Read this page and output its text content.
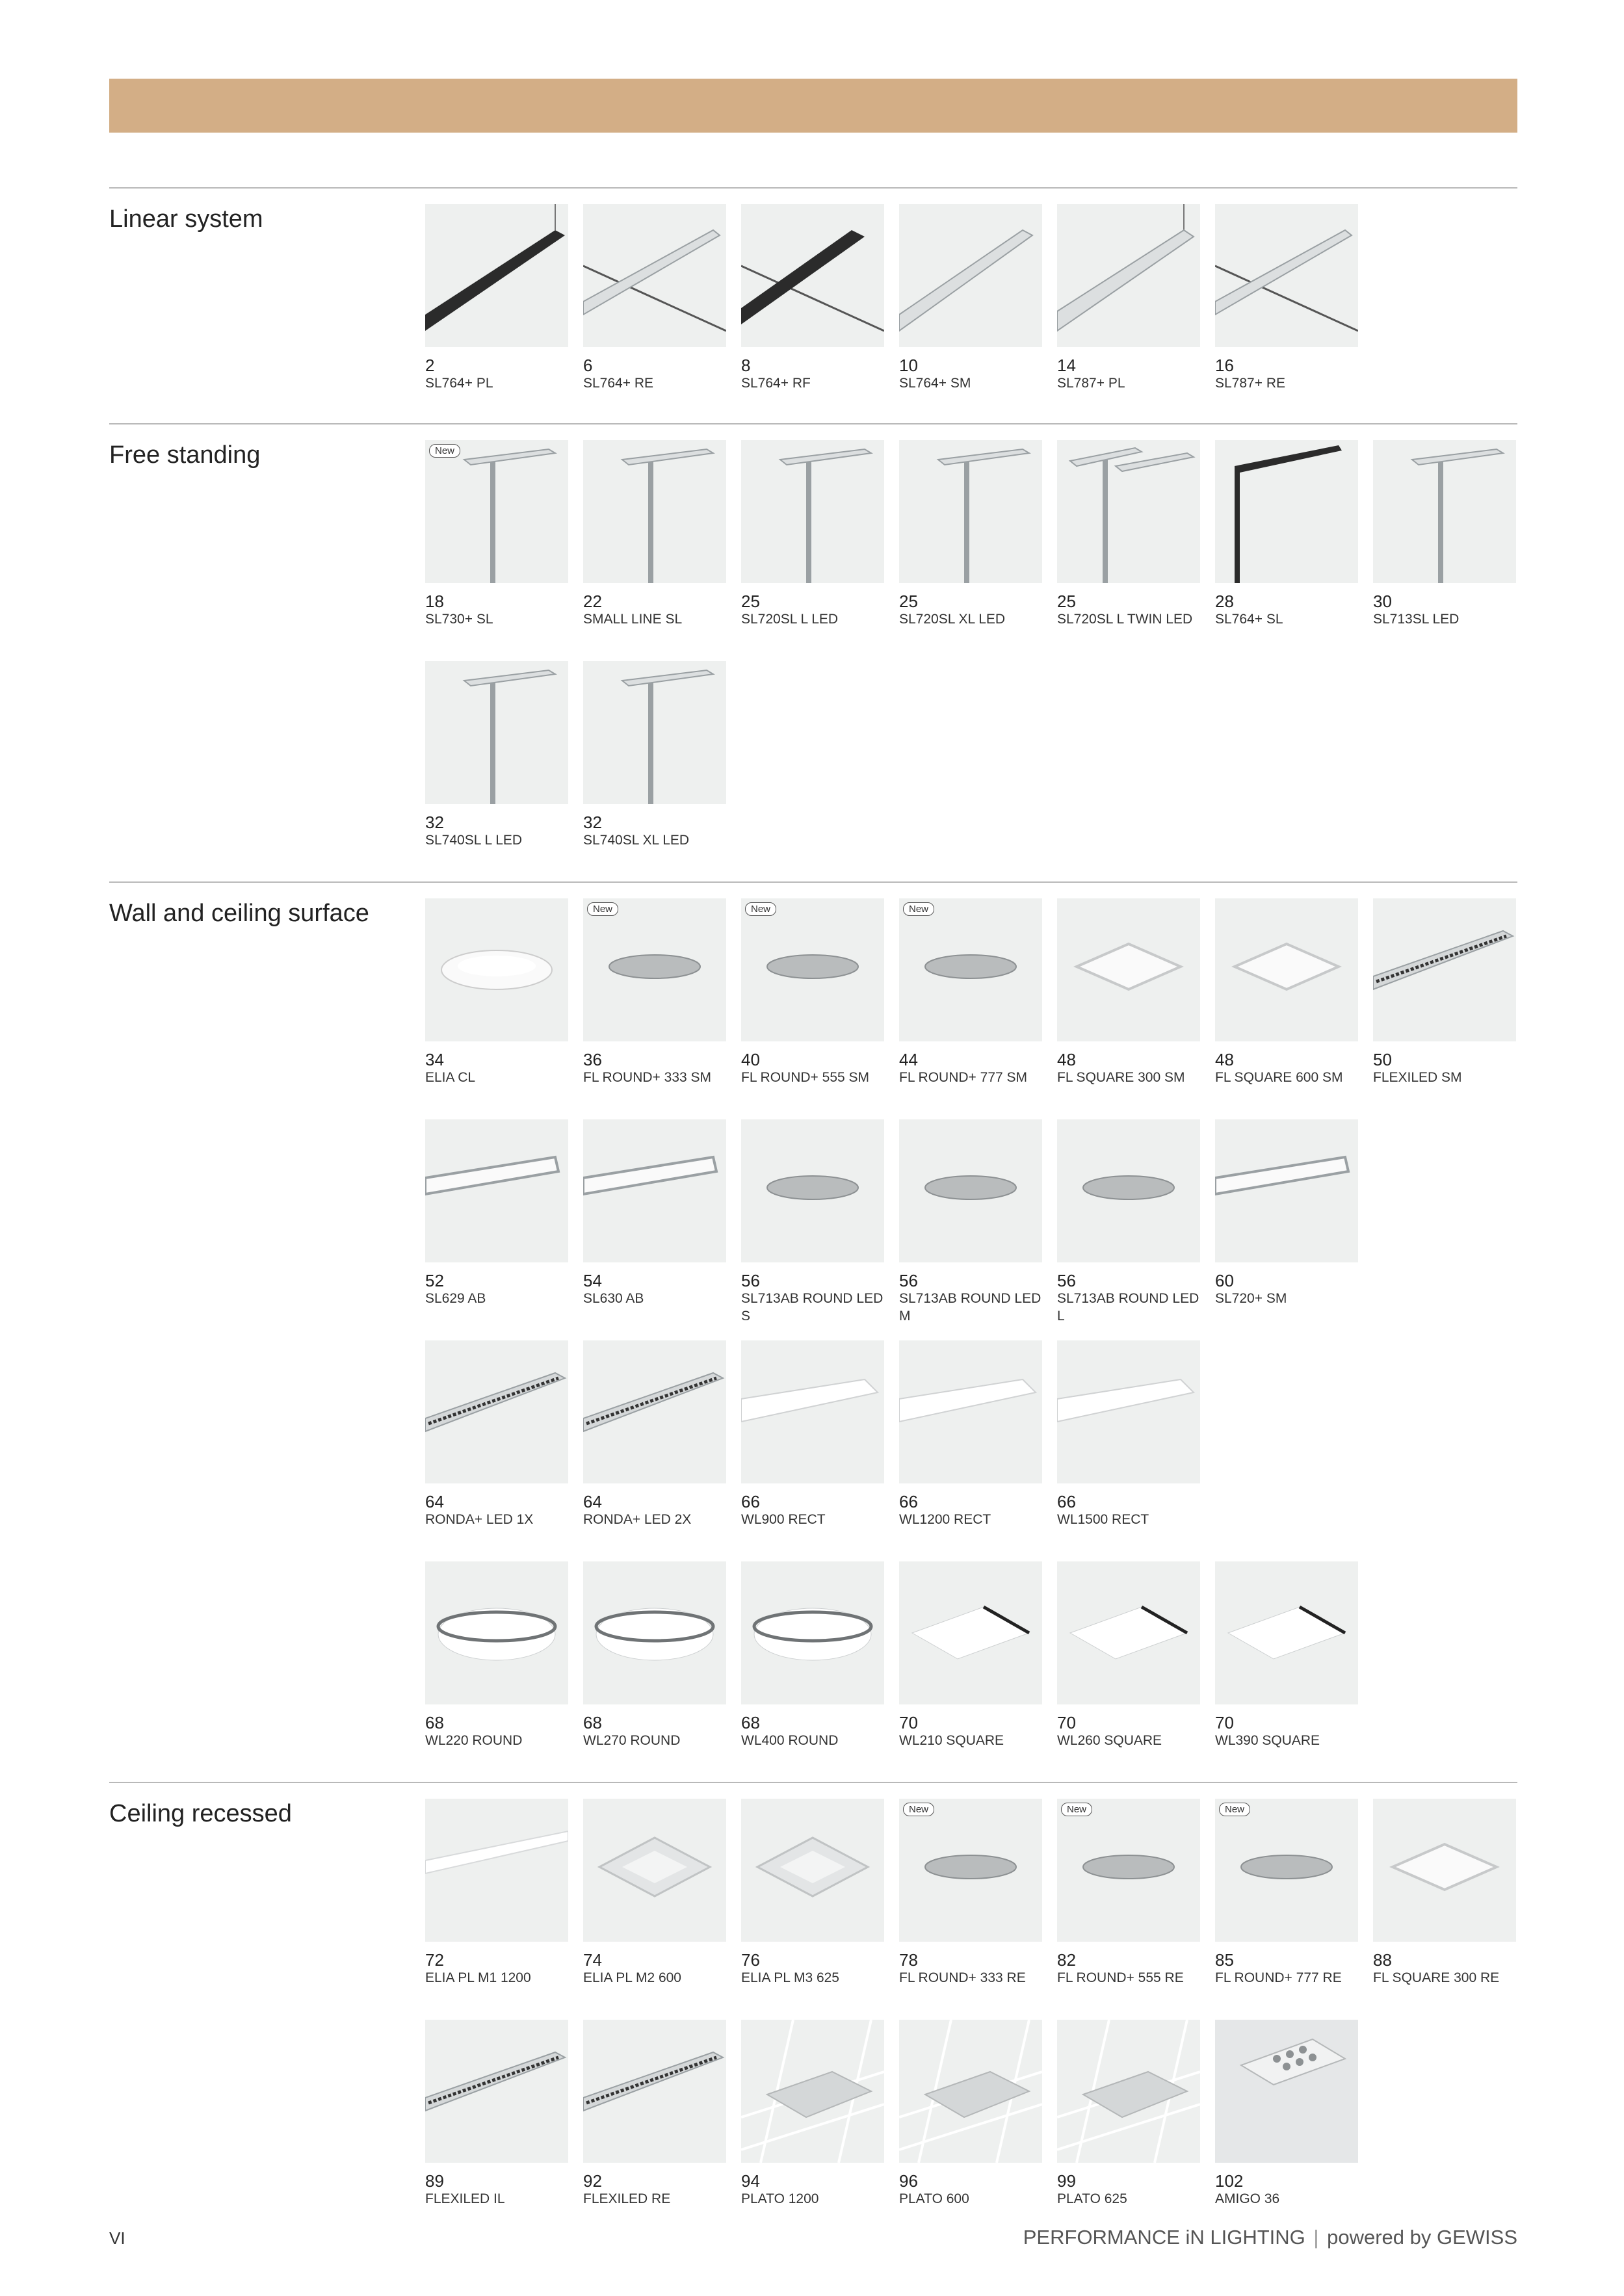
Linear system
2
SL764+ PL
6
SL764+ RE
8
SL764+ RF
10
SL764+ SM
14
SL787+ PL
16
SL787+ RE
Free standing	New
18
SL730+ SL
22
SMALL LINE SL
25
SL720SL L LED
25
SL720SL XL LED
25
SL720SL L TWIN LED
28
SL764+ SL
30
SL713SL LED
32
SL740SL L LED
32
SL740SL XL LED
Wall and ceiling surface
34
ELIA CL
New
36
FL ROUND+ 333 SM
New
40
FL ROUND+ 555 SM
New
44
FL ROUND+ 777 SM
48
FL SQUARE 300 SM
48
FL SQUARE 600 SM
50
FLEXILED SM
52
SL629 AB
54
SL630 AB
56
SL713AB ROUND LED S
56
SL713AB ROUND LED M
56
SL713AB ROUND LED L
60
SL720+ SM
64
RONDA+ LED 1X
64
RONDA+ LED 2X
66
WL900 RECT
66
WL1200 RECT
66
WL1500 RECT
68
WL220 ROUND
68
WL270 ROUND
68
WL400 ROUND
70
WL210 SQUARE
70
WL260 SQUARE
70
WL390 SQUARE
Ceiling recessed
72
ELIA PL M1 1200
74
ELIA PL M2 600
76
ELIA PL M3 625
New
78
FL ROUND+ 333 RE
New
82
FL ROUND+ 555 RE
New
85
FL ROUND+ 777 RE
88
FL SQUARE 300 RE
89
FLEXILED IL
92
FLEXILED RE
94
PLATO 1200
96
PLATO 600
99
PLATO 625
102
AMIGO 36
VI	PERFORMANCE iN LIGHTING | powered by GEWISS
